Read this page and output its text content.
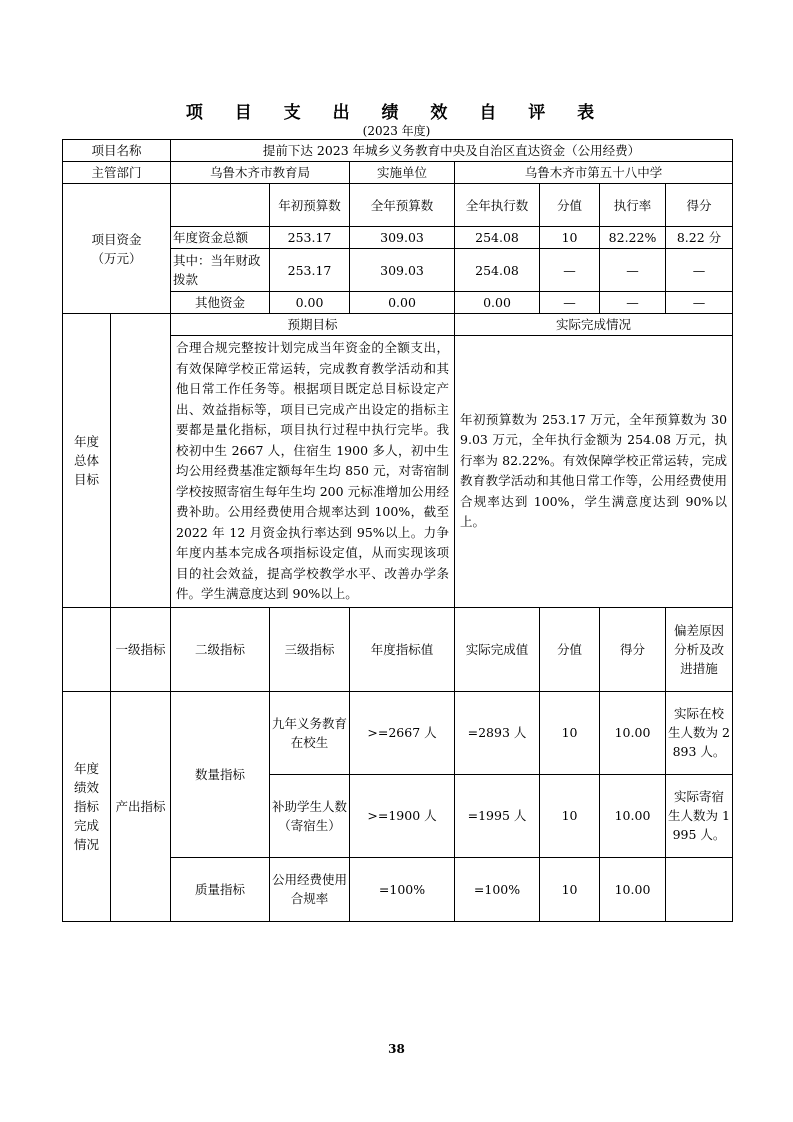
项 目 支 出 绩 效 自 评 表
(2023 年度)
项目名称		提前下达 2023 年城乡义务教育中央及自治区直达资金（公用经费）						
主管部门		乌鲁木齐市教育局		实施单位	乌鲁木齐市第五十八中学			
项目资金
（万元）			年初预算数	全年预算数	全年执行数	分值	执行率	得分
		年度资金总额	253.17	309.03	254.08	10	82.22%	8.22 分
		其中：当年财政拨款	253.17	309.03	254.08	—	—	—
		其他资金	0.00	0.00	0.00	—	—	—
年度
总体
目标		预期目标			实际完成情况			
		合理合规完整按计划完成当年资金的全额支出，有效保障学校正常运转，完成教育教学活动和其他日常工作任务等。根据项目既定总目标设定产出、效益指标等，项目已完成产出设定的指标主要都是量化指标，项目执行过程中执行完毕。我校初中生 2667 人，住宿生 1900 多人，初中生均公用经费基准定额每年生均 850 元，对寄宿制学校按照寄宿生每年生均 200 元标准增加公用经费补助。公用经费使用合规率达到 100%，截至 2022 年 12 月资金执行率达到 95%以上。力争年度内基本完成各项指标设定值，从而实现该项目的社会效益，提高学校教学水平、改善办学条件。学生满意度达到 90%以上。			年初预算数为 253.17 万元，全年预算数为 309.03 万元，全年执行金额为 254.08 万元，执行率为 82.22%。有效保障学校正常运转，完成教育教学活动和其他日常工作等，公用经费使用合规率达到 100%，学生满意度达到 90%以上。			
	一级指标	二级指标	三级指标	年度指标值	实际完成值	分值	得分	偏差原因分析及改进措施
年度
绩效
指标
完成
情况	产出指标	数量指标	九年义务教育在校生	>=2667 人	=2893 人	10	10.00	实际在校生人数为 2893 人。
			补助学生人数（寄宿生）	>=1900 人	=1995 人	10	10.00	实际寄宿生人数为 1995 人。
		质量指标	公用经费使用合规率	=100%	=100%	10	10.00	
38
